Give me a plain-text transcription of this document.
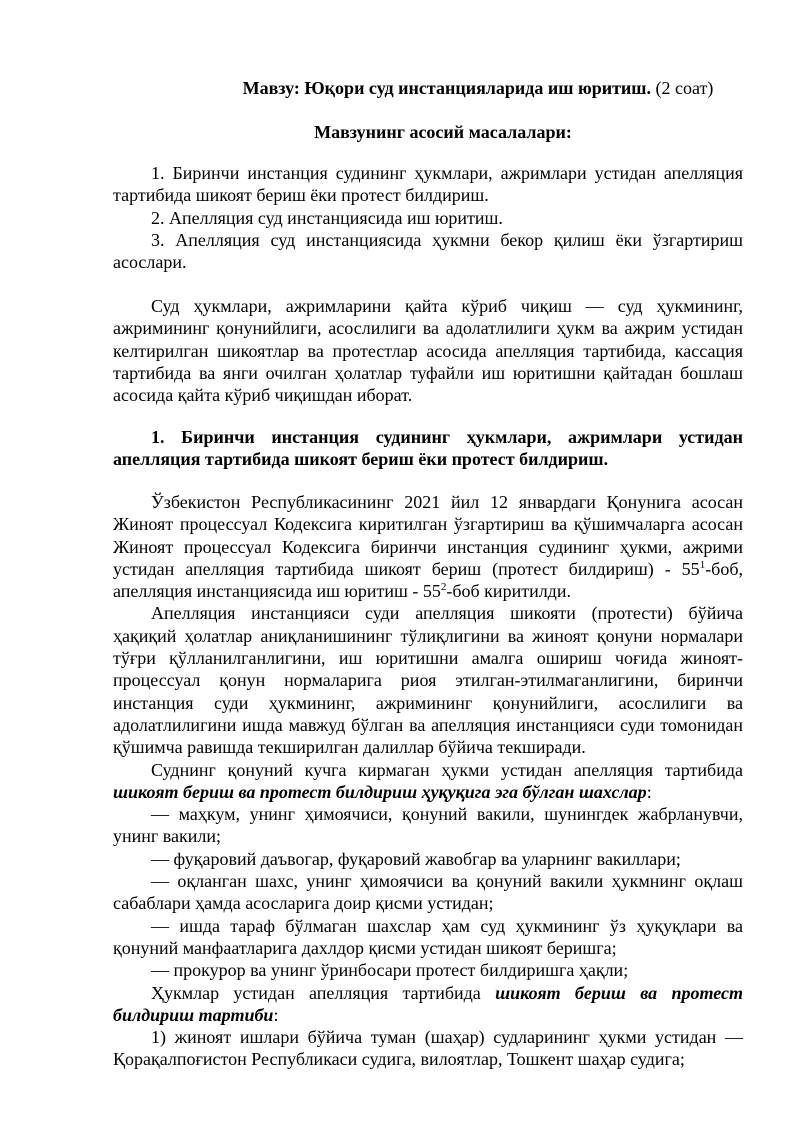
Мавзу: Юқори суд инстанцияларида иш юритиш. (2 соат)
Мавзунинг асосий масалалари:

1. Биринчи инстанция судининг ҳукмлари, ажримлари устидан апелляция тартибида шикоят бериш ёки протест билдириш.

2. Апелляция суд инстанциясида иш юритиш.

3. Апелляция суд инстанциясида ҳукмни бекор қилиш ёки ўзгартириш асослари.

Суд ҳукмлари, ажримларини қайта кўриб чиқиш — суд ҳукмининг, ажримининг қонунийлиги, асослилиги ва адолатлилиги ҳукм ва ажрим устидан келтирилган шикоятлар ва протестлар асосида апелляция тартибида, кассация тартибида ва янги очилган ҳолатлар туфайли иш юритишни қайтадан бошлаш асосида қайта кўриб чиқишдан иборат.

1. Биринчи инстанция судининг ҳукмлари, ажримлари устидан апелляция тартибида шикоят бериш ёки протест билдириш.

Ўзбекистон Республикасининг 2021 йил 12 январдаги Қонунига асосан Жиноят процессуал Кодексига киритилган ўзгартириш ва қўшимчаларга асосан Жиноят процессуал Кодексига биринчи инстанция судининг ҳукми, ажрими устидан апелляция тартибида шикоят бериш (протест билдириш) - $55^1$-боб, апелляция инстанциясида иш юритиш - $55^2$-боб киритилди.

Апелляция инстанцияси суди апелляция шикояти (протести) бўйича ҳақиқий ҳолатлар аниқланишининг тўлиқлигини ва жиноят қонуни нормалари тўғри қўлланилганлигини, иш юритишни амалга ошириш чоғида жиноят-процессуал қонун нормаларига риоя этилган-этилмаганлигини, биринчи инстанция суди ҳукмининг, ажримининг қонунийлиги, асослилиги ва адолатлилигини ишда мавжуд бўлган ва апелляция инстанцияси суди томонидан қўшимча равишда текширилган далиллар бўйича текширади.

Суднинг қонуний кучга кирмаган ҳукми устидан апелляция тартибида шикоят бериш ва протест билдириш ҳуқуқига эга бўлган шахслар:

— маҳкум, унинг ҳимоячиси, қонуний вакили, шунингдек жабрланувчи, унинг вакили;

— фуқаровий даъвогар, фуқаровий жавобгар ва уларнинг вакиллари;

— оқланган шахс, унинг ҳимоячиси ва қонуний вакили ҳукмнинг оқлаш сабаблари ҳамда асосларига доир қисми устидан;

— ишда тараф бўлмаган шахслар ҳам суд ҳукмининг ўз ҳуқуқлари ва қонуний манфаатларига дахлдор қисми устидан шикоят беришга;

— прокурор ва унинг ўринбосари протест билдиришга ҳақли;

Ҳукмлар устидан апелляция тартибида шикоят бериш ва протест билдириш тартиби:

1) жиноят ишлари бўйича туман (шаҳар) судларининг ҳукми устидан — Қорақалпоғистон Республикаси судига, вилоятлар, Тошкент шаҳар судига;
